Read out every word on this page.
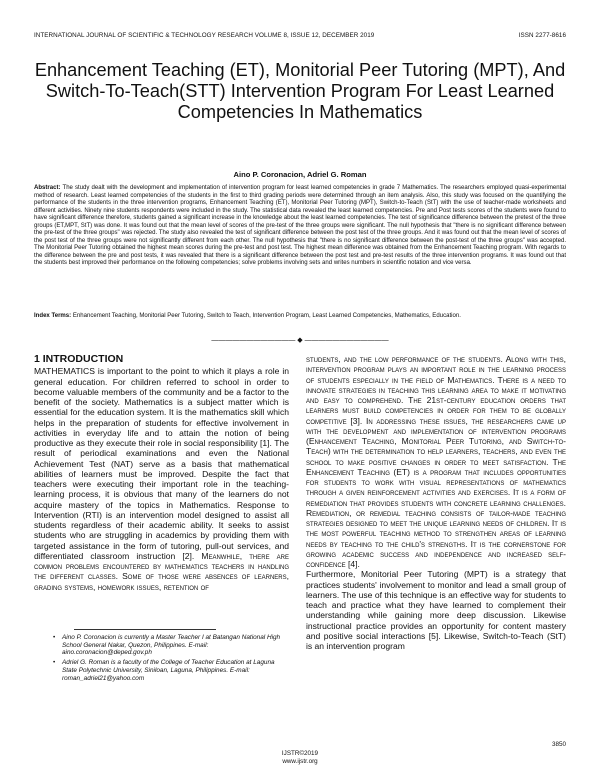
INTERNATIONAL JOURNAL OF SCIENTIFIC & TECHNOLOGY RESEARCH VOLUME 8, ISSUE 12, DECEMBER 2019	ISSN 2277-8616
Enhancement Teaching (ET), Monitorial Peer Tutoring (MPT), And Switch-To-Teach(STT) Intervention Program For Least Learned Competencies In Mathematics
Aino P. Coronacion, Adriel G. Roman

Abstract: The study dealt with the development and implementation of intervention program for least learned competencies in grade 7 Mathematics. The researchers employed quasi-experimental method of research. Least learned competencies of the students in the first to third grading periods were determined through an item analysis. Also, this study was focused on the quantifying the performance of the students in the three intervention programs, Enhancement Teaching (ET), Monitorial Peer Tutoring (MPT), Switch-to-Teach (StT) with the use of teacher-made worksheets and different activities. Ninety nine students respondents were included in the study. The statistical data revealed the least learned competencies. Pre and Post tests scores of the students were found to have significant difference therefore, students gained a significant increase in the knowledge about the least learned competencies. The test of significance difference between the pretest of the three groups (ET,MPT, StT) was done. It was found out that the mean level of scores of the pre-test of the three groups were significant. The null hypothesis that "there is no significant difference between the pre-test of the three groups" was rejected. The study also revealed the test of significant difference between the post test of the three groups. And it was found out that the mean level of scores of the post test of the three groups were not significantly different from each other. The null hypothesis that "there is no significant difference between the post-test of the three groups" was accepted. The Monitorial Peer Tutoring obtained the highest mean scores during the pre-test and post test. The highest mean difference was obtained from the Enhancement Teaching program. With regards to the difference between the pre and post tests, it was revealed that there is a significant difference between the post test and pre-test results of the three intervention programs. It was found out that the students best improved their performance on the following competencies; solve problems involving sets and writes numbers in scientific notation and vice versa.

Index Terms: Enhancement Teaching, Monitorial Peer Tutoring, Switch to Teach, Intervention Program, Least Learned Competencies, Mathematics, Education.

———————————— ◆ ————————————
1 INTRODUCTION

MATHEMATICS is important to the point to which it plays a role in general education. For children referred to school in order to become valuable members of the community and be a factor to the benefit of the society. Mathematics is a subject matter which is essential for the education system. It is the mathematics skill which helps in the preparation of students for effective involvement in activities in everyday life and to attain the notion of being productive as they execute their role in social responsibility [1]. The result of periodical examinations and even the National Achievement Test (NAT) serve as a basis that mathematical abilities of learners must be improved. Despite the fact that teachers were executing their important role in the teaching-learning process, it is obvious that many of the learners do not acquire mastery of the topics in Mathematics. Response to Intervention (RTI) is an intervention model designed to assist all students regardless of their academic ability. It seeks to assist students who are struggling in academics by providing them with targeted assistance in the form of tutoring, pull-out services, and differentiated classroom instruction [2]. Meanwhile, there are common problems encountered by mathematics teachers in handling the different classes. Some of those were absences of learners, grading systems, homework issues, retention of

students, and the low performance of the students. Along with this, intervention program plays an important role in the learning process of students especially in the field of Mathematics. There is a need to innovate strategies in teaching this learning area to make it motivating and easy to comprehend. The 21st-century education orders that learners must build competencies in order for them to be globally competitive [3]. In addressing these issues, the researchers came up with the development and implementation of intervention programs (Enhancement Teaching, Monitorial Peer Tutoring, and Switch-to-Teach) with the determination to help learners, teachers, and even the school to make positive changes in order to meet satisfaction. The Enhancement Teaching (ET) is a program that includes opportunities for students to work with visual representations of mathematics through a given reinforcement activities and exercises. It is a form of remediation that provides students with concrete learning challenges. Remediation, or remedial teaching consists of tailor-made teaching strategies designed to meet the unique learning needs of children. It is the most powerful teaching method to strengthen areas of learning needs by teaching to the child's strengths. It is the cornerstone for growing academic success and independence and increased self-confidence [4].

Furthermore, Monitorial Peer Tutoring (MPT) is a strategy that practices students' involvement to monitor and lead a small group of learners. The use of this technique is an effective way for students to teach and practice what they have learned to complement their understanding while gaining more deep discussion. Likewise instructional practice provides an opportunity for content mastery and positive social interactions [5]. Likewise, Switch-to-Teach (StT) is an intervention program

• Aino P. Coronacion is currently a Master Teacher I at Batangan National High School General Nakar, Quezon, Philippines. E-mail: aino.coronacion@deped.gov.ph
• Adriel G. Roman is a faculty of the College of Teacher Education at Laguna State Polytechnic University, Siniloan, Laguna, Philippines. E-mail: roman_adriel21@yahoo.com
3850
IJSTR©2019
www.ijstr.org
